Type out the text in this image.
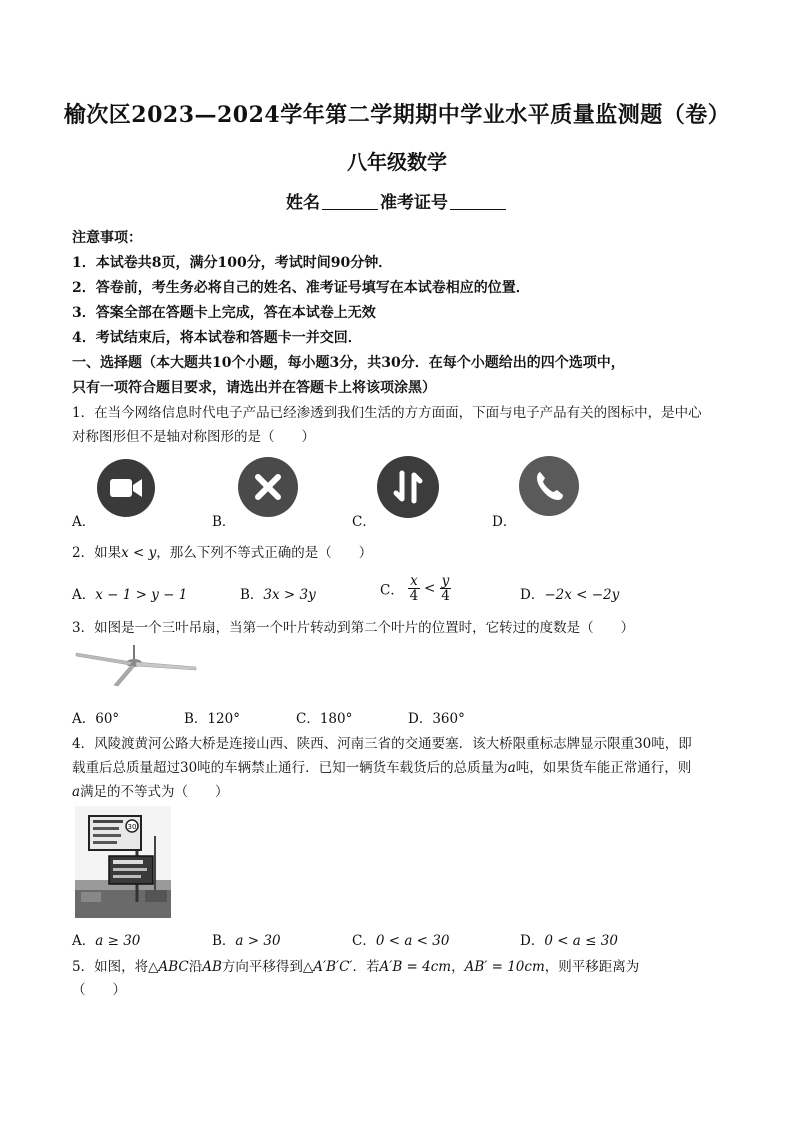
榆次区2023—2024学年第二学期期中学业水平质量监测题（卷）
八年级数学
姓名	准考证号
注意事项：
1．本试卷共8页，满分100分，考试时间90分钟．
2．答卷前，考生务必将自己的姓名、准考证号填写在本试卷相应的位置．
3．答案全部在答题卡上完成，答在本试卷上无效
4．考试结束后，将本试卷和答题卡一并交回．
一、选择题（本大题共10个小题，每小题3分，共30分．在每个小题给出的四个选项中，
只有一项符合题目要求，请选出并在答题卡上将该项涂黑）
1．在当今网络信息时代电子产品已经渗透到我们生活的方方面面，下面与电子产品有关的图标中，是中心
对称图形但不是轴对称图形的是（　　）
A．	B．	C．	D．
2．如果x < y，那么下列不等式正确的是（　　）
A．x − 1 > y − 1	B．3x > 3y	C． $\frac{x}{4} < \frac{y}{4}$	D．−2x < −2y
3．如图是一个三叶吊扇，当第一个叶片转动到第二个叶片的位置时，它转过的度数是（　　）
A．60°	B．120°	C．180°	D．360°
4．风陵渡黄河公路大桥是连接山西、陕西、河南三省的交通要塞．该大桥限重标志牌显示限重30吨，即
载重后总质量超过30吨的车辆禁止通行．已知一辆货车载货后的总质量为a吨，如果货车能正常通行，则
a满足的不等式为（　　）
30
A．a ≥ 30	B．a > 30	C．0 < a < 30	D．0 < a ≤ 30
5．如图，将△ABC沿AB方向平移得到△A′B′C′．若A′B = 4cm，AB′ = 10cm，则平移距离为
（　　）
